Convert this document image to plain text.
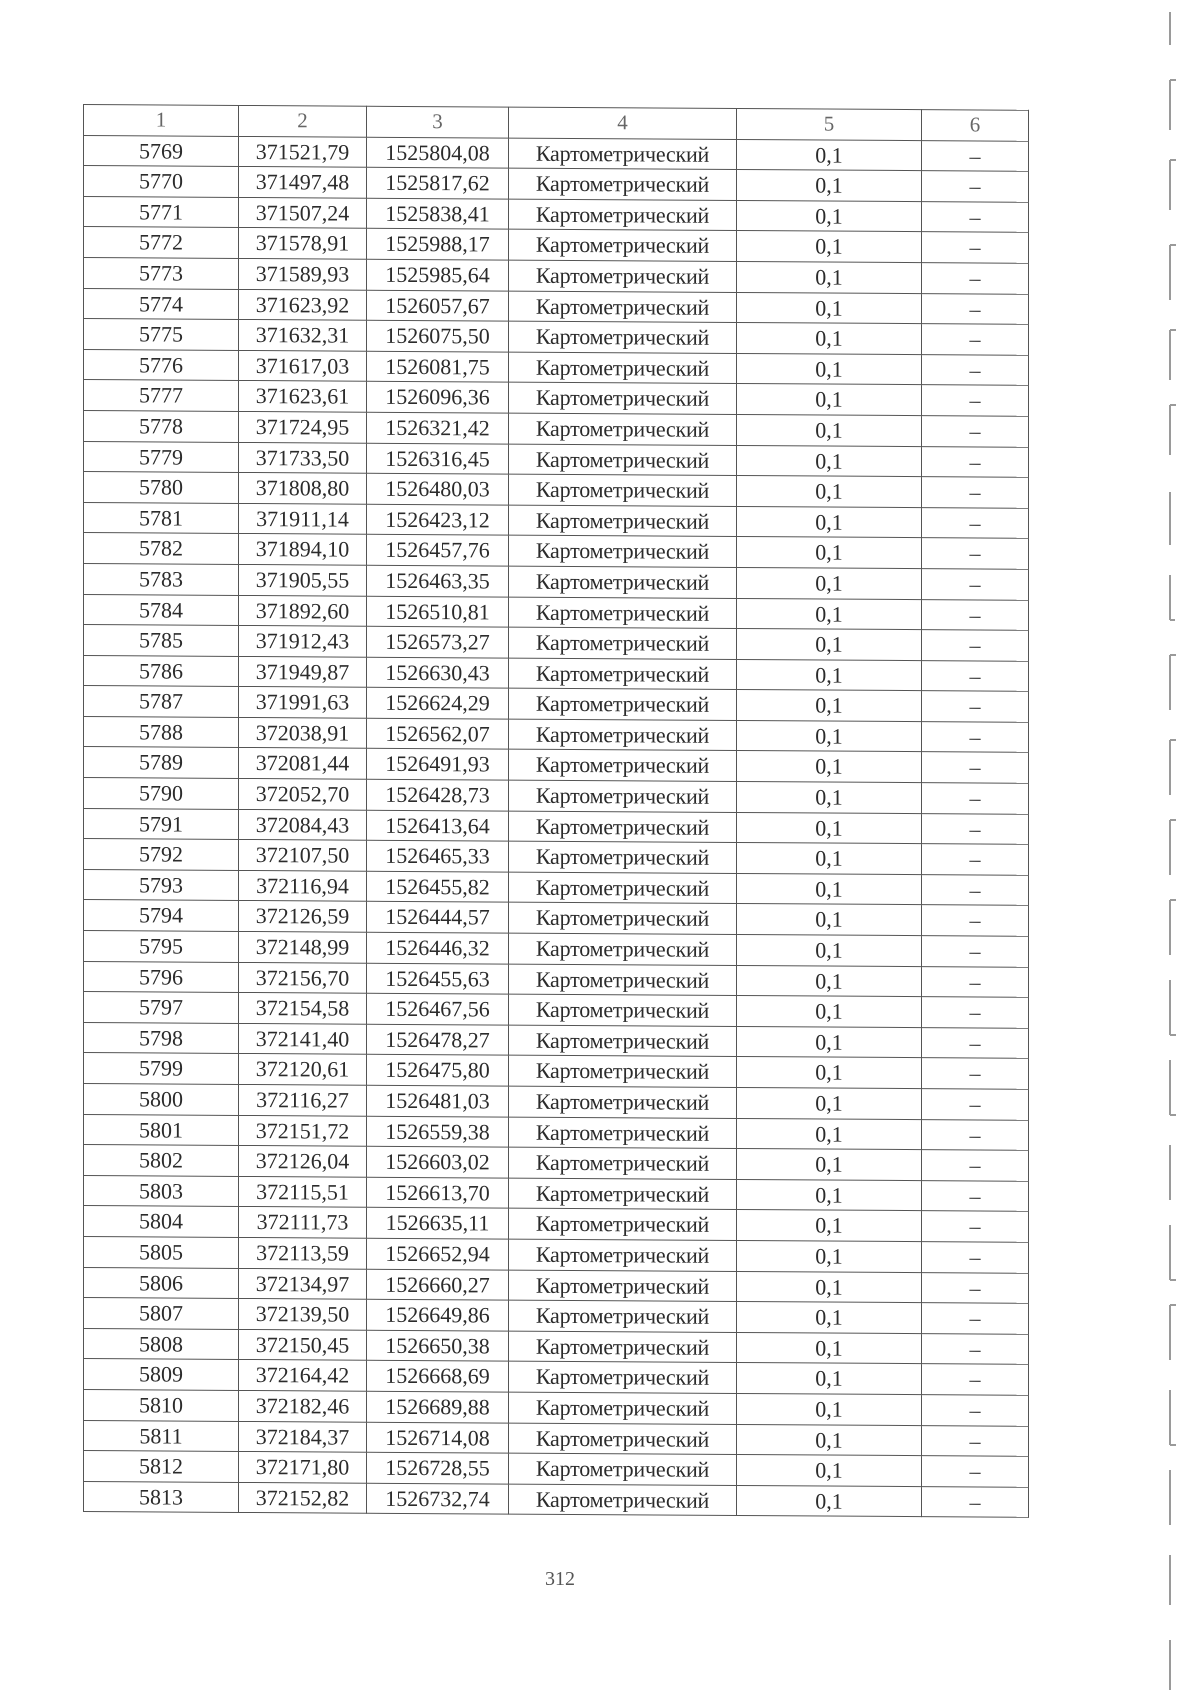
1	2	3	4	5	6
5769	371521,79	1525804,08	Картометрический	0,1	–
5770	371497,48	1525817,62	Картометрический	0,1	–
5771	371507,24	1525838,41	Картометрический	0,1	–
5772	371578,91	1525988,17	Картометрический	0,1	–
5773	371589,93	1525985,64	Картометрический	0,1	–
5774	371623,92	1526057,67	Картометрический	0,1	–
5775	371632,31	1526075,50	Картометрический	0,1	–
5776	371617,03	1526081,75	Картометрический	0,1	–
5777	371623,61	1526096,36	Картометрический	0,1	–
5778	371724,95	1526321,42	Картометрический	0,1	–
5779	371733,50	1526316,45	Картометрический	0,1	–
5780	371808,80	1526480,03	Картометрический	0,1	–
5781	371911,14	1526423,12	Картометрический	0,1	–
5782	371894,10	1526457,76	Картометрический	0,1	–
5783	371905,55	1526463,35	Картометрический	0,1	–
5784	371892,60	1526510,81	Картометрический	0,1	–
5785	371912,43	1526573,27	Картометрический	0,1	–
5786	371949,87	1526630,43	Картометрический	0,1	–
5787	371991,63	1526624,29	Картометрический	0,1	–
5788	372038,91	1526562,07	Картометрический	0,1	–
5789	372081,44	1526491,93	Картометрический	0,1	–
5790	372052,70	1526428,73	Картометрический	0,1	–
5791	372084,43	1526413,64	Картометрический	0,1	–
5792	372107,50	1526465,33	Картометрический	0,1	–
5793	372116,94	1526455,82	Картометрический	0,1	–
5794	372126,59	1526444,57	Картометрический	0,1	–
5795	372148,99	1526446,32	Картометрический	0,1	–
5796	372156,70	1526455,63	Картометрический	0,1	–
5797	372154,58	1526467,56	Картометрический	0,1	–
5798	372141,40	1526478,27	Картометрический	0,1	–
5799	372120,61	1526475,80	Картометрический	0,1	–
5800	372116,27	1526481,03	Картометрический	0,1	–
5801	372151,72	1526559,38	Картометрический	0,1	–
5802	372126,04	1526603,02	Картометрический	0,1	–
5803	372115,51	1526613,70	Картометрический	0,1	–
5804	372111,73	1526635,11	Картометрический	0,1	–
5805	372113,59	1526652,94	Картометрический	0,1	–
5806	372134,97	1526660,27	Картометрический	0,1	–
5807	372139,50	1526649,86	Картометрический	0,1	–
5808	372150,45	1526650,38	Картометрический	0,1	–
5809	372164,42	1526668,69	Картометрический	0,1	–
5810	372182,46	1526689,88	Картометрический	0,1	–
5811	372184,37	1526714,08	Картометрический	0,1	–
5812	372171,80	1526728,55	Картометрический	0,1	–
5813	372152,82	1526732,74	Картометрический	0,1	–
312
